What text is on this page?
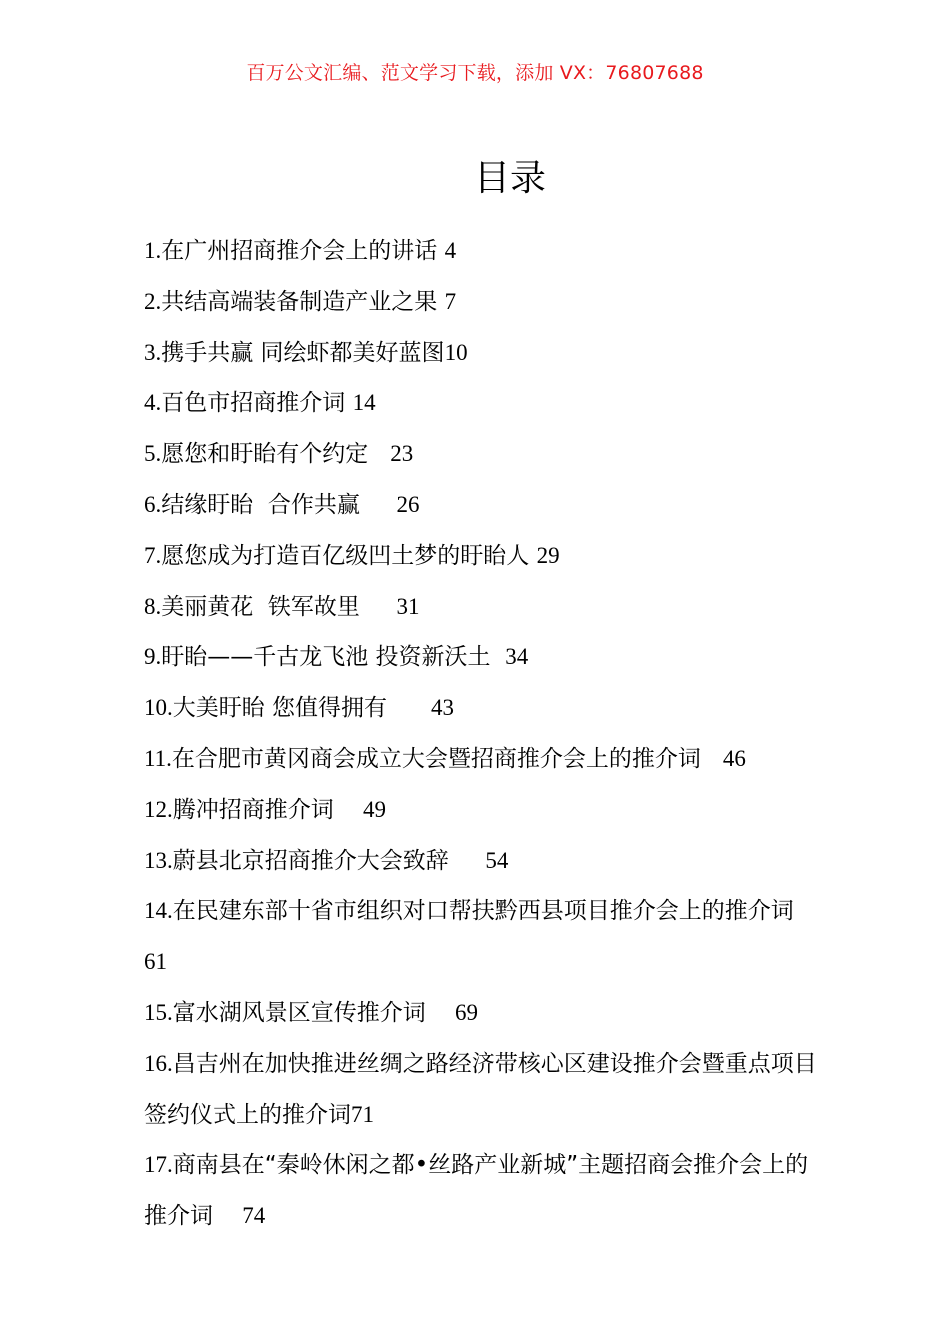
百万公文汇编、范文学习下载，添加 VX：76807688
目录
1.在广州招商推介会上的讲话 4
2.共结高端装备制造产业之果 7
3.携手共赢 同绘虾都美好蓝图10
4.百色市招商推介词 14
5.愿您和盱眙有个约定 23
6.结缘盱眙  合作共赢 26
7.愿您成为打造百亿级凹土梦的盱眙人 29
8.美丽黄花  铁军故里 31
9.盱眙——千古龙飞池 投资新沃土 34
10.大美盱眙 您值得拥有 43
11.在合肥市黄冈商会成立大会暨招商推介会上的推介词 46
12.腾冲招商推介词 49
13.蔚县北京招商推介大会致辞 54
14.在民建东部十省市组织对口帮扶黔西县项目推介会上的推介词    61
15.富水湖风景区宣传推介词 69
16.昌吉州在加快推进丝绸之路经济带核心区建设推介会暨重点项目签约仪式上的推介词71
17.商南县在“秦岭休闲之都•丝路产业新城”主题招商会推介会上的推介词 74
